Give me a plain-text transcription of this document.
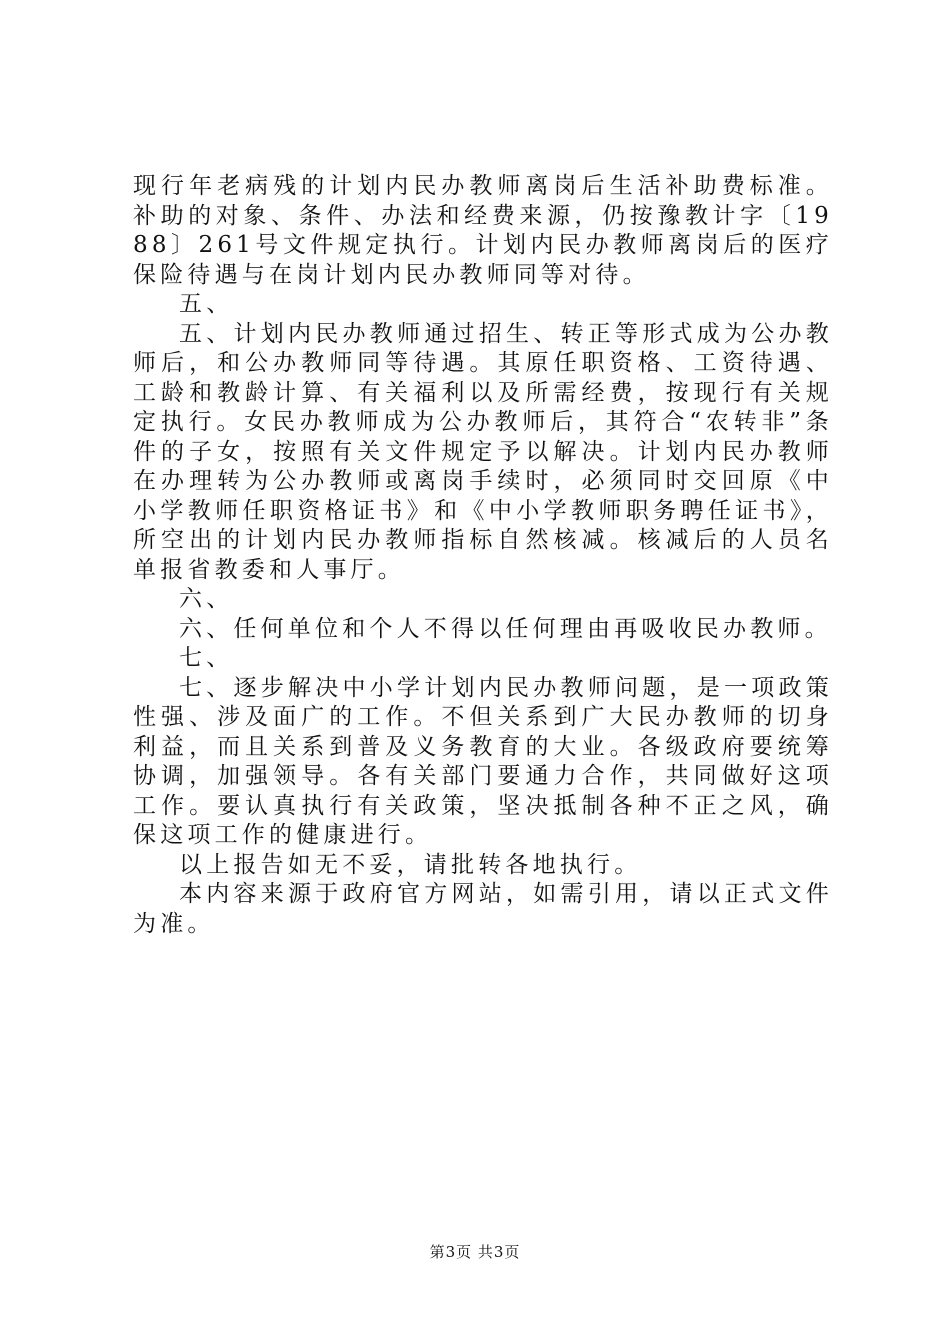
现行年老病残的计划内民办教师离岗后生活补助费标准。补助的对象、条件、办法和经费来源，仍按豫教计字〔1988〕261号文件规定执行。计划内民办教师离岗后的医疗保险待遇与在岗计划内民办教师同等对待。

五、

五、计划内民办教师通过招生、转正等形式成为公办教师后，和公办教师同等待遇。其原任职资格、工资待遇、工龄和教龄计算、有关福利以及所需经费，按现行有关规定执行。女民办教师成为公办教师后，其符合“农转非”条件的子女，按照有关文件规定予以解决。计划内民办教师在办理转为公办教师或离岗手续时，必须同时交回原《中小学教师任职资格证书》和《中小学教师职务聘任证书》，所空出的计划内民办教师指标自然核减。核减后的人员名单报省教委和人事厅。

六、

六、任何单位和个人不得以任何理由再吸收民办教师。

七、

七、逐步解决中小学计划内民办教师问题，是一项政策性强、涉及面广的工作。不但关系到广大民办教师的切身利益，而且关系到普及义务教育的大业。各级政府要统筹协调，加强领导。各有关部门要通力合作，共同做好这项工作。要认真执行有关政策，坚决抵制各种不正之风，确保这项工作的健康进行。

以上报告如无不妥，请批转各地执行。

本内容来源于政府官方网站，如需引用，请以正式文件为准。

第3页 共3页
